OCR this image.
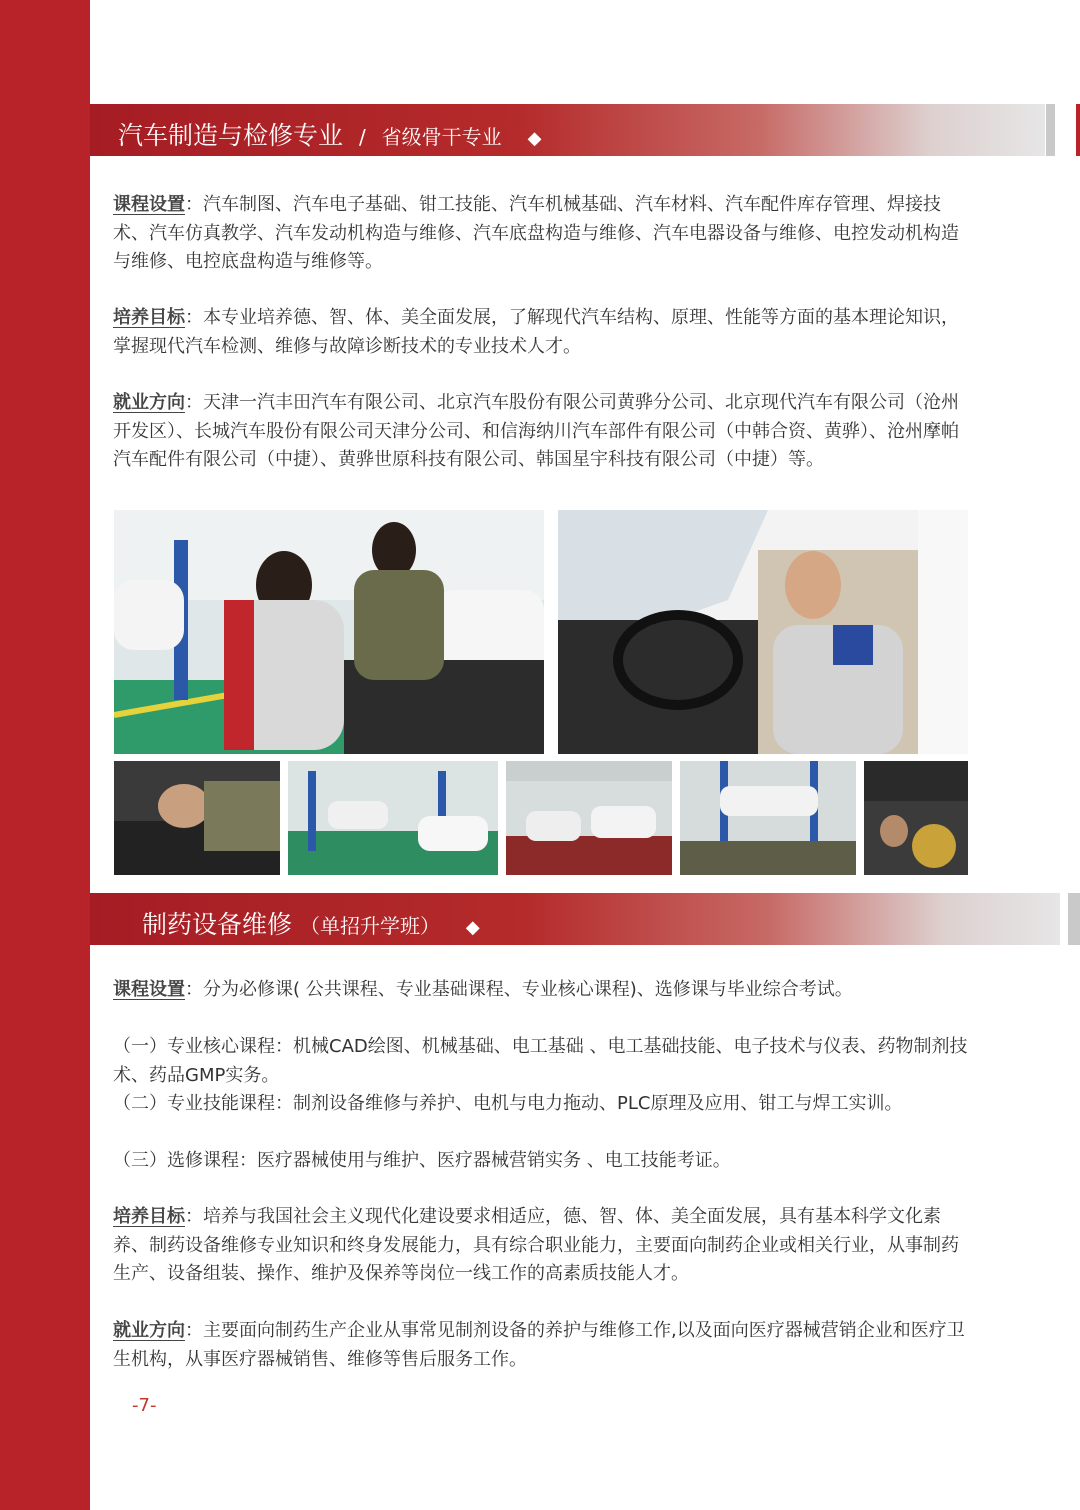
汽车制造与检修专业 / 省级骨干专业 ◆

课程设置：汽车制图、汽车电子基础、钳工技能、汽车机械基础、汽车材料、汽车配件库存管理、焊接技术、汽车仿真教学、汽车发动机构造与维修、汽车底盘构造与维修、汽车电器设备与维修、电控发动机构造与维修、电控底盘构造与维修等。

培养目标：本专业培养德、智、体、美全面发展，了解现代汽车结构、原理、性能等方面的基本理论知识，掌握现代汽车检测、维修与故障诊断技术的专业技术人才。

就业方向：天津一汽丰田汽车有限公司、北京汽车股份有限公司黄骅分公司、北京现代汽车有限公司（沧州开发区）、长城汽车股份有限公司天津分公司、和信海纳川汽车部件有限公司（中韩合资、黄骅）、沧州摩帕汽车配件有限公司（中捷）、黄骅世原科技有限公司、韩国星宇科技有限公司（中捷）等。

制药设备维修 （单招升学班） ◆

课程设置：分为必修课( 公共课程、专业基础课程、专业核心课程)、选修课与毕业综合考试。

（一）专业核心课程：机械CAD绘图、机械基础、电工基础 、电工基础技能、电子技术与仪表、药物制剂技术、药品GMP实务。

（二）专业技能课程：制剂设备维修与养护、电机与电力拖动、PLC原理及应用、钳工与焊工实训。

（三）选修课程：医疗器械使用与维护、医疗器械营销实务 、电工技能考证。

培养目标：培养与我国社会主义现代化建设要求相适应，德、智、体、美全面发展，具有基本科学文化素养、制药设备维修专业知识和终身发展能力，具有综合职业能力，主要面向制药企业或相关行业，从事制药生产、设备组装、操作、维护及保养等岗位一线工作的高素质技能人才。

就业方向：主要面向制药生产企业从事常见制剂设备的养护与维修工作,以及面向医疗器械营销企业和医疗卫生机构，从事医疗器械销售、维修等售后服务工作。

-7-
